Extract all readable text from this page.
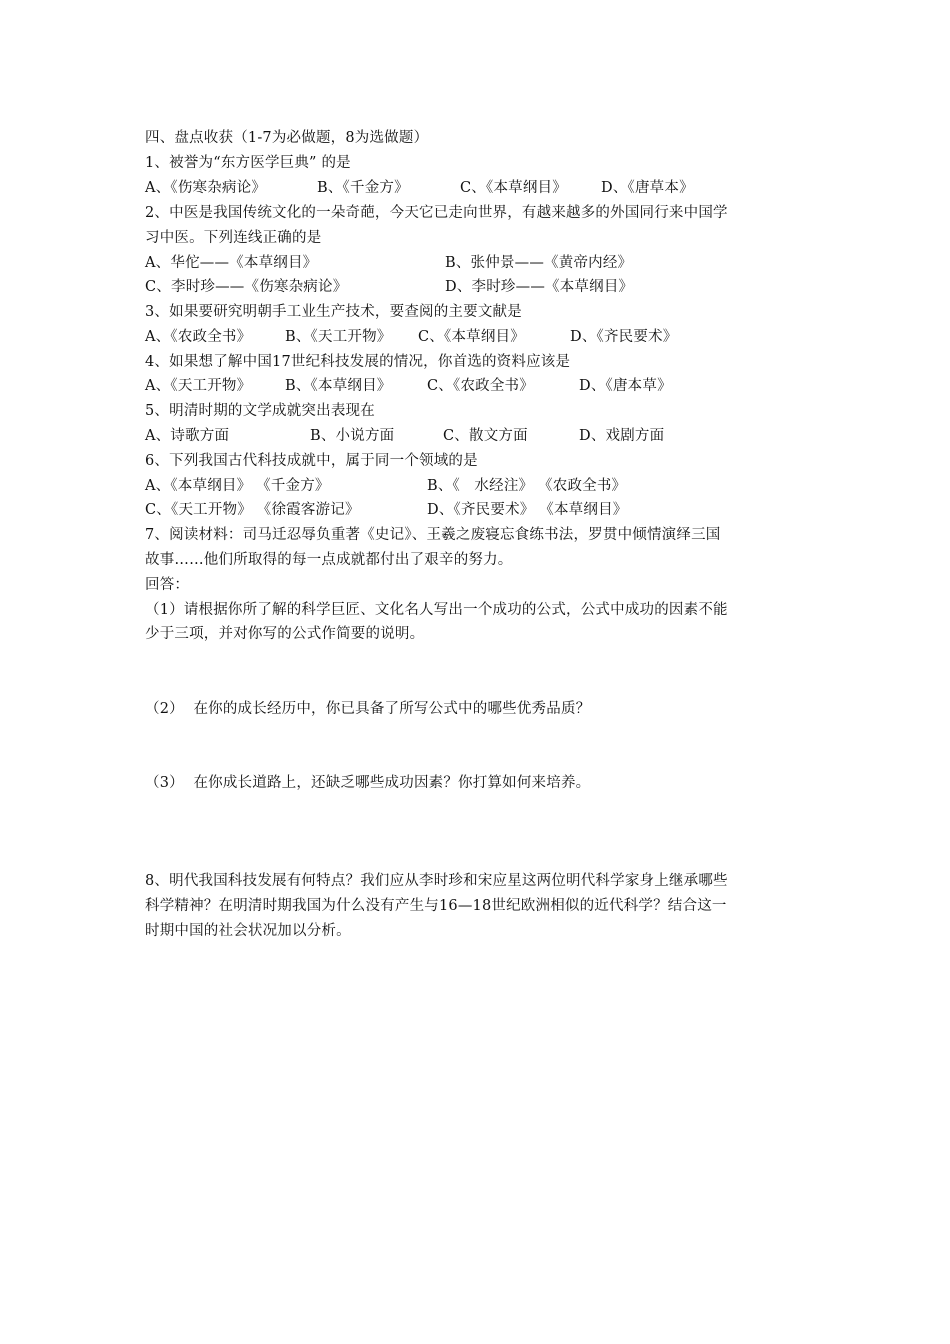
四、盘点收获（1-7为必做题，8为选做题）
1、被誉为“东方医学巨典” 的是

A、《伤寒杂病论》

	B、《千金方》

	C、《本草纲目》

D、《唐草本》

2、中医是我国传统文化的一朵奇葩，今天它已走向世界，有越来越多的外国同行来中国学
习中医。下列连线正确的是

A、华佗——《本草纲目》

	B、张仲景——《黄帝内经》

C、李时珍——《伤寒杂病论》

	D、李时珍——《本草纲目》

3、如果要研究明朝手工业生产技术，要查阅的主要文献是

A、《农政全书》

B、《天工开物》

C、《本草纲目》

	D、《齐民要术》

4、如果想了解中国17世纪科技发展的情况，你首选的资料应该是

A、《天工开物》

B、《本草纲目》

C、《农政全书》

	D、《唐本草》

5、明清时期的文学成就突出表现在

A、诗歌方面

	B、小说方面

	C、散文方面

	D、戏剧方面

6、下列我国古代科技成就中，属于同一个领域的是

A、《本草纲目》 《千金方》

	B、《   水经注》 《农政全书》

C、《天工开物》 《徐霞客游记》

	D、《齐民要术》 《本草纲目》

7、阅读材料：司马迁忍辱负重著《史记》、王羲之废寝忘食练书法，罗贯中倾情演绎三国
故事……他们所取得的每一点成就都付出了艰辛的努力。
回答：
（1）请根据你所了解的科学巨匠、文化名人写出一个成功的公式，公式中成功的因素不能
少于三项，并对你写的公式作简要的说明。
（2）  在你的成长经历中，你已具备了所写公式中的哪些优秀品质？
（3）  在你成长道路上，还缺乏哪些成功因素？你打算如何来培养。
8、明代我国科技发展有何特点？我们应从李时珍和宋应星这两位明代科学家身上继承哪些
科学精神？在明清时期我国为什么没有产生与16—18世纪欧洲相似的近代科学？结合这一
时期中国的社会状况加以分析。
